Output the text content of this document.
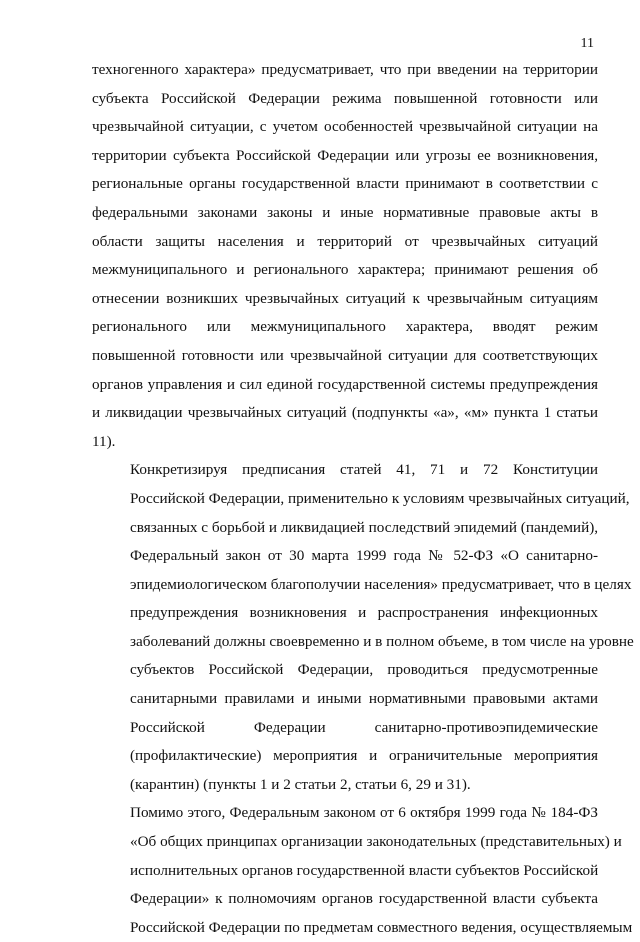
11
техногенного характера» предусматривает, что при введении на территории
субъекта Российской Федерации режима повышенной готовности или
чрезвычайной ситуации, с учетом особенностей чрезвычайной ситуации на
территории субъекта Российской Федерации или угрозы ее возникновения,
региональные органы государственной власти принимают в соответствии с
федеральными законами законы и иные нормативные правовые акты в
области защиты населения и территорий от чрезвычайных ситуаций
межмуниципального и регионального характера; принимают решения об
отнесении возникших чрезвычайных ситуаций к чрезвычайным ситуациям
регионального или межмуниципального характера, вводят режим
повышенной готовности или чрезвычайной ситуации для соответствующих
органов управления и сил единой государственной системы предупреждения
и ликвидации чрезвычайных ситуаций (подпункты «а», «м» пункта 1 статьи
11).
Конкретизируя предписания статей 41, 71 и 72 Конституции
Российской Федерации, применительно к условиям чрезвычайных ситуаций,
связанных с борьбой и ликвидацией последствий эпидемий (пандемий),
Федеральный закон от 30 марта 1999 года № 52-ФЗ «О санитарно-
эпидемиологическом благополучии населения» предусматривает, что в целях
предупреждения возникновения и распространения инфекционных
заболеваний должны своевременно и в полном объеме, в том числе на уровне
субъектов Российской Федерации, проводиться предусмотренные
санитарными правилами и иными нормативными правовыми актами
Российской Федерации санитарно-противоэпидемические
(профилактические) мероприятия и ограничительные мероприятия
(карантин) (пункты 1 и 2 статьи 2, статьи 6, 29 и 31).
Помимо этого, Федеральным законом от 6 октября 1999 года № 184-ФЗ
«Об общих принципах организации законодательных (представительных) и
исполнительных органов государственной власти субъектов Российской
Федерации» к полномочиям органов государственной власти субъекта
Российской Федерации по предметам совместного ведения, осуществляемым
